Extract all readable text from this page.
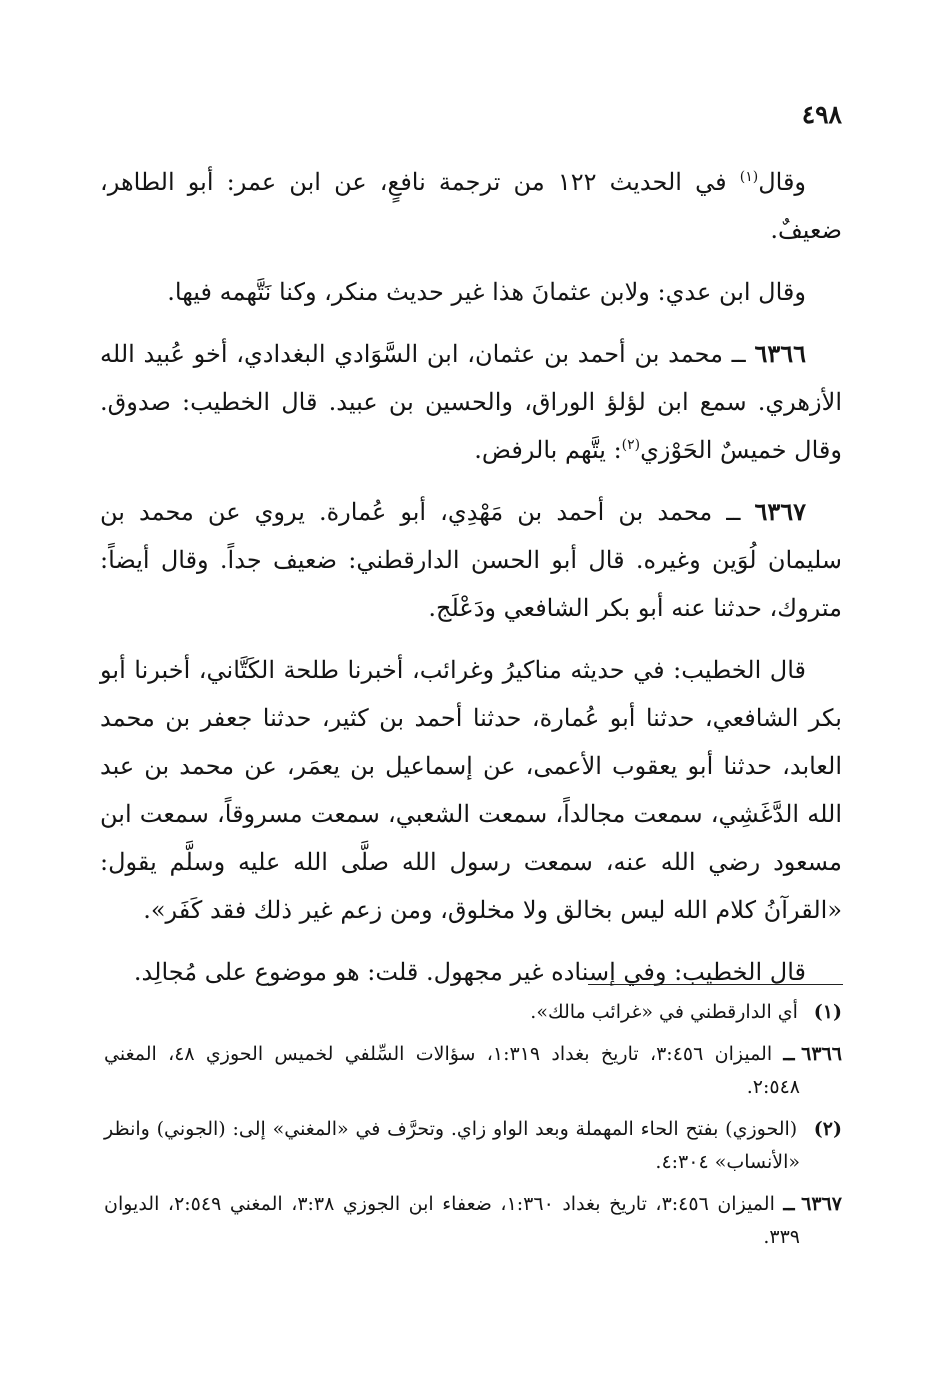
٤٩٨

وقال$^{(١)}$ في الحديث ١٢٢ من ترجمة نافعٍ، عن ابن عمر: أبو الطاهر، ضعيفٌ.

وقال ابن عدي: ولابن عثمانَ هذا غير حديث منكر، وكنا نَتَّهمه فيها.

٦٣٦٦ ــ محمد بن أحمد بن عثمان، ابن السَّوَادي البغدادي، أخو عُبيد الله الأزهري. سمع ابن لؤلؤ الوراق، والحسين بن عبيد. قال الخطيب: صدوق. وقال خميسٌ الحَوْزي$^{(٢)}$: يتَّهم بالرفض.

٦٣٦٧ ــ محمد بن أحمد بن مَهْدِي، أبو عُمارة. يروي عن محمد بن سليمان لُوَين وغيره. قال أبو الحسن الدارقطني: ضعيف جداً. وقال أيضاً: متروك، حدثنا عنه أبو بكر الشافعي ودَعْلَج.

قال الخطيب: في حديثه مناكيرُ وغرائب، أخبرنا طلحة الكَتَّاني، أخبرنا أبو بكر الشافعي، حدثنا أبو عُمارة، حدثنا أحمد بن كثير، حدثنا جعفر بن محمد العابد، حدثنا أبو يعقوب الأعمى، عن إسماعيل بن يعمَر، عن محمد بن عبد الله الدَّغَشِي، سمعت مجالداً، سمعت الشعبي، سمعت مسروقاً، سمعت ابن مسعود رضي الله عنه، سمعت رسول الله صلَّى الله عليه وسلَّم يقول: «القرآنُ كلام الله ليس بخالق ولا مخلوق، ومن زعم غير ذلك فقد كَفَر».

قال الخطيب: وفي إسناده غير مجهول. قلت: هو موضوع على مُجالِد.

(١) أي الدارقطني في «غرائب مالك».

٦٣٦٦ ــ الميزان ٣:٤٥٦، تاريخ بغداد ١:٣١٩، سؤالات السِّلفي لخميس الحوزي ٤٨، المغني ٢:٥٤٨.

(٢) (الحوزي) بفتح الحاء المهملة وبعد الواو زاي. وتحرَّف في «المغني» إلى: (الجوني) وانظر «الأنساب» ٤:٣٠٤.

٦٣٦٧ ــ الميزان ٣:٤٥٦، تاريخ بغداد ١:٣٦٠، ضعفاء ابن الجوزي ٣:٣٨، المغني ٢:٥٤٩، الديوان ٣٣٩.
